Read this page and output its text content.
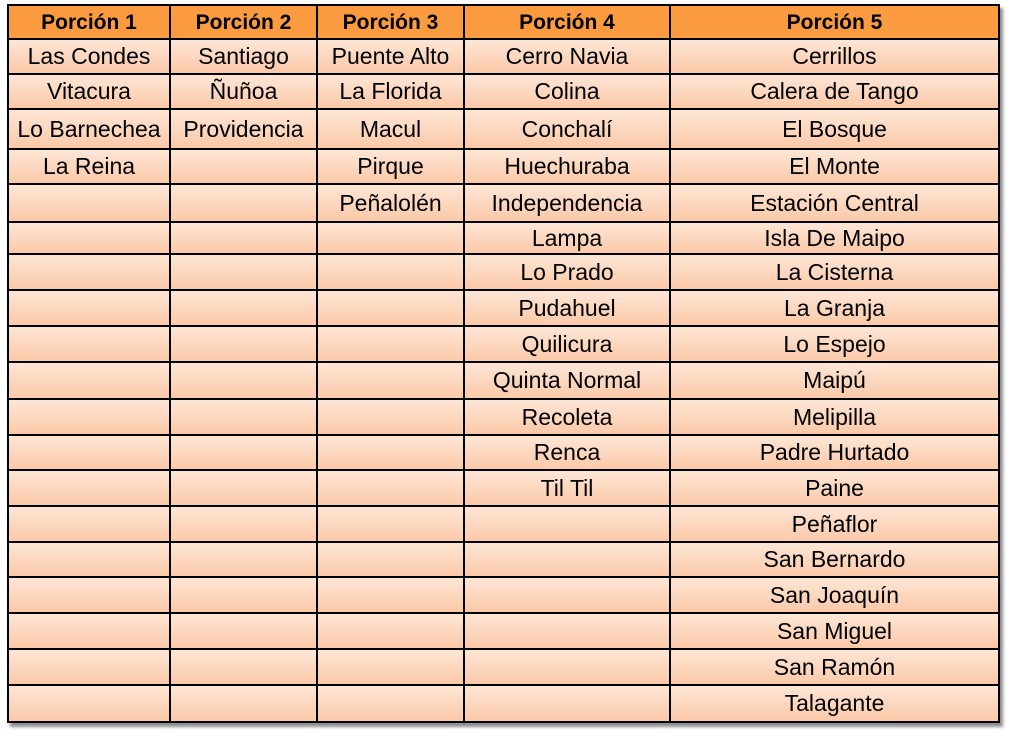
Porción 1	Porción 2	Porción 3	Porción 4	Porción 5
Las Condes	Santiago	Puente Alto	Cerro Navia	Cerrillos
Vitacura	Ñuñoa	La Florida	Colina	Calera de Tango
Lo Barnechea	Providencia	Macul	Conchalí	El Bosque
La Reina		Pirque	Huechuraba	El Monte
		Peñalolén	Independencia	Estación Central
			Lampa	Isla De Maipo
			Lo Prado	La Cisterna
			Pudahuel	La Granja
			Quilicura	Lo Espejo
			Quinta Normal	Maipú
			Recoleta	Melipilla
			Renca	Padre Hurtado
			Til Til	Paine
				Peñaflor
				San Bernardo
				San Joaquín
				San Miguel
				San Ramón
				Talagante
